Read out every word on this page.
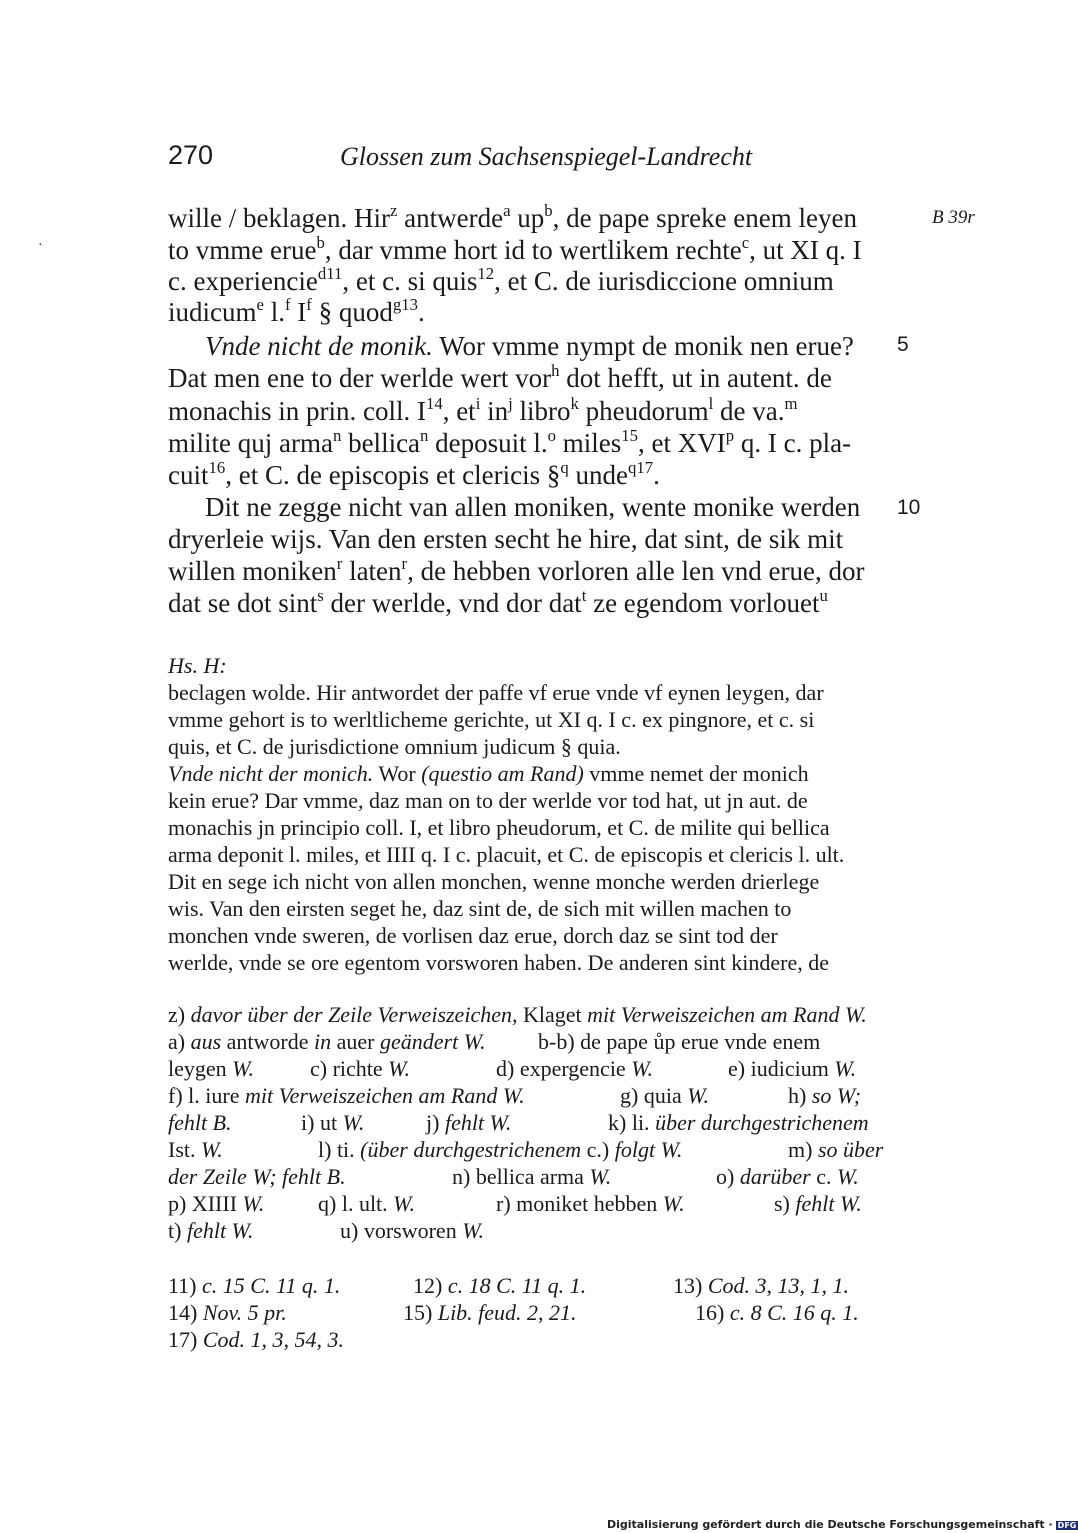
270	Glossen zum Sachsenspiegel-Landrecht
·
B 39r
5
10
wille / beklagen. Hir$^z$ antwerde$^a$ $up^b$, de pape spreke enem leyen
to vmme erue$^b$, dar vmme hort id to wertlikem rechte$^c$, ut XI q. I
c. experiencie$^{d11}$, et c. si quis$^{12}$, et C. de iurisdiccione omnium
iudicum$^e$ l.$^f$ $I^f$ § quod$^{g13}$.
Vnde nicht de monik. Wor vmme nympt de monik nen erue?
Dat men ene to der werlde wert vor$^h$ dot hefft, ut in autent. de
monachis in prin. coll. $I^{14}$, $et^i$ $in^j$ libro$^k$ pheudorum$^l$ de va.$^m$
milite quj arma$^n$ bellica$^n$ deposuit l.$^o$ miles$^{15}$, et XVI$^p$ q. I c. pla-
cuit$^{16}$, et C. de episcopis et clericis §$^q$ unde$^{q17}$.
Dit ne zegge nicht van allen moniken, wente monike werden
dryerleie wijs. Van den ersten secht he hire, dat sint, de sik mit
willen moniken$^r$ laten$^r$, de hebben vorloren alle len vnd erue, dor
dat se dot sint$^s$ der werlde, vnd dor dat$^t$ ze egendom vorlouet$^u$
Hs. H:
beclagen wolde. Hir antwordet der paffe vf erue vnde vf eynen leygen, dar
vmme gehort is to werltlicheme gerichte, ut XI q. I c. ex pingnore, et c. si
quis, et C. de jurisdictione omnium judicum § quia.
Vnde nicht der monich. Wor (questio am Rand) vmme nemet der monich
kein erue? Dar vmme, daz man on to der werlde vor tod hat, ut jn aut. de
monachis jn principio coll. I, et libro pheudorum, et C. de milite qui bellica
arma deponit l. miles, et IIII q. I c. placuit, et C. de episcopis et clericis l. ult.
Dit en sege ich nicht von allen monchen, wenne monche werden drierlege
wis. Van den eirsten seget he, daz sint de, de sich mit willen machen to
monchen vnde sweren, de vorlisen daz erue, dorch daz se sint tod der
werlde, vnde se ore egentom vorsworen haben. De anderen sint kindere, de
z) davor über der Zeile Verweiszeichen, Klaget mit Verweiszeichen am Rand W.
a) aus antworde in auer geändert W. b-b) de pape ůp erue vnde enem
leygen W.	c) richte W.	d) expergencie W.	e) iudicium W.
f) l. iure mit Verweiszeichen am Rand W.	g) quia W.	h) so W;
fehlt B.	i) ut W.	j) fehlt W.	k) li. über durchgestrichenem
Ist. W.	l) ti. (über durchgestrichenem c.) folgt W.	m) so über
der Zeile W; fehlt B.	n) bellica arma W.	o) darüber c. W.
p) XIIII W. q) l. ult. W.	r) moniket hebben W.	s) fehlt W.
t) fehlt W.	u) vorsworen W.
11) c. 15 C. 11 q. 1.	12) c. 18 C. 11 q. 1.	13) Cod. 3, 13, 1, 1.
14) Nov. 5 pr.	15) Lib. feud. 2, 21.	16) c. 8 C. 16 q. 1.
17) Cod. 1, 3, 54, 3.
Digitalisierung gefördert durch die Deutsche Forschungsgemeinschaft · DFG
